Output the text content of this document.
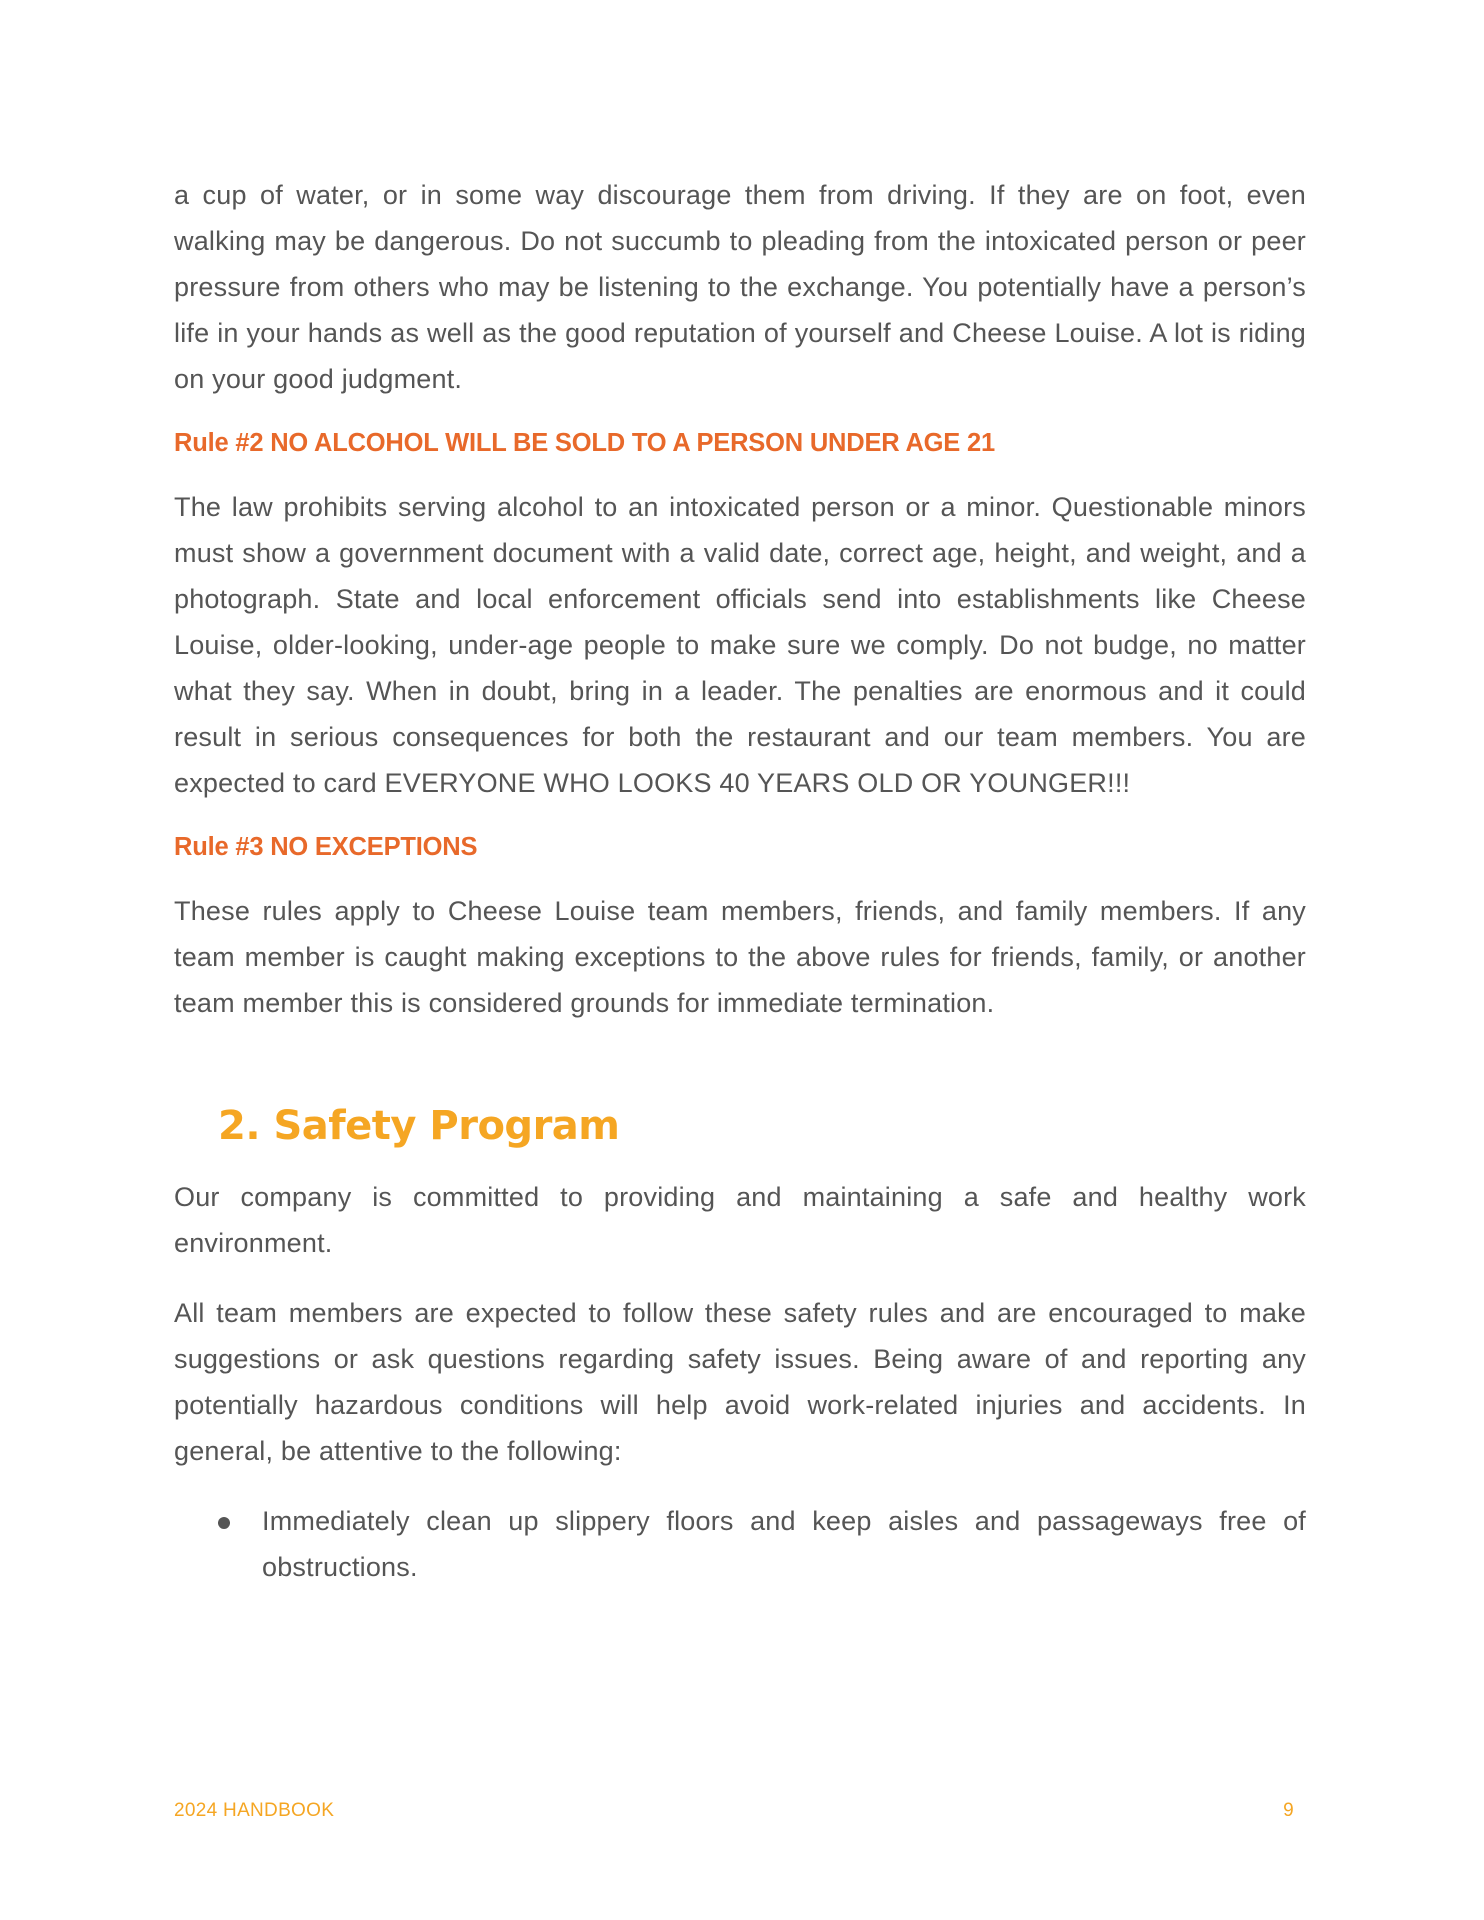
a cup of water, or in some way discourage them from driving. If they are on foot, even walking may be dangerous. Do not succumb to pleading from the intoxicated person or peer pressure from others who may be listening to the exchange. You potentially have a person’s life in your hands as well as the good reputation of yourself and Cheese Louise. A lot is riding on your good judgment.

Rule #2 NO ALCOHOL WILL BE SOLD TO A PERSON UNDER AGE 21

The law prohibits serving alcohol to an intoxicated person or a minor. Questionable minors must show a government document with a valid date, correct age, height, and weight, and a photograph. State and local enforcement officials send into establishments like Cheese Louise, older-looking, under-age people to make sure we comply. Do not budge, no matter what they say. When in doubt, bring in a leader. The penalties are enormous and it could result in serious consequences for both the restaurant and our team members. You are expected to card EVERYONE WHO LOOKS 40 YEARS OLD OR YOUNGER!!!

Rule #3 NO EXCEPTIONS

These rules apply to Cheese Louise team members, friends, and family members. If any team member is caught making exceptions to the above rules for friends, family, or another team member this is considered grounds for immediate termination.

2. Safety Program

Our company is committed to providing and maintaining a safe and healthy work environment.

All team members are expected to follow these safety rules and are encouraged to make suggestions or ask questions regarding safety issues. Being aware of and reporting any potentially hazardous conditions will help avoid work-related injuries and accidents. In general, be attentive to the following:

Immediately clean up slippery floors and keep aisles and passageways free of obstructions.
2024 HANDBOOK	9
